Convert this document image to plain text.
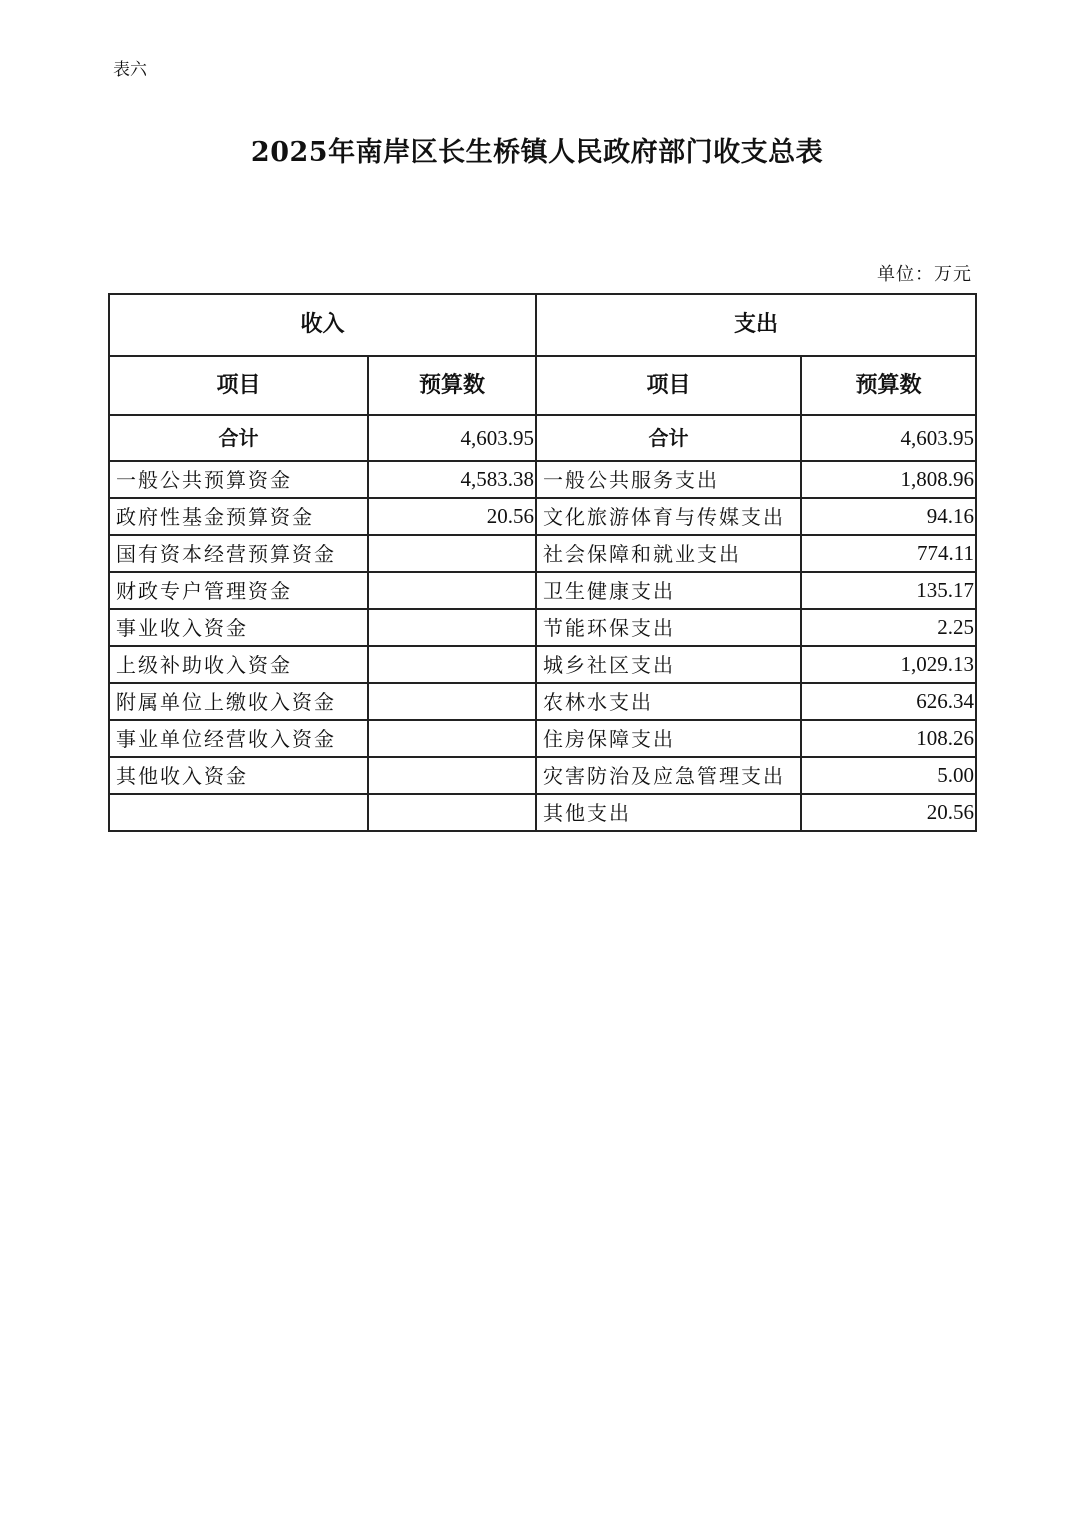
表六
2025年南岸区长生桥镇人民政府部门收支总表
单位：万元
收入		支出	
项目	预算数	项目	预算数
合计	4,603.95	合计	4,603.95
一般公共预算资金	4,583.38	一般公共服务支出	1,808.96
政府性基金预算资金	20.56	文化旅游体育与传媒支出	94.16
国有资本经营预算资金		社会保障和就业支出	774.11
财政专户管理资金		卫生健康支出	135.17
事业收入资金		节能环保支出	2.25
上级补助收入资金		城乡社区支出	1,029.13
附属单位上缴收入资金		农林水支出	626.34
事业单位经营收入资金		住房保障支出	108.26
其他收入资金		灾害防治及应急管理支出	5.00
		其他支出	20.56
